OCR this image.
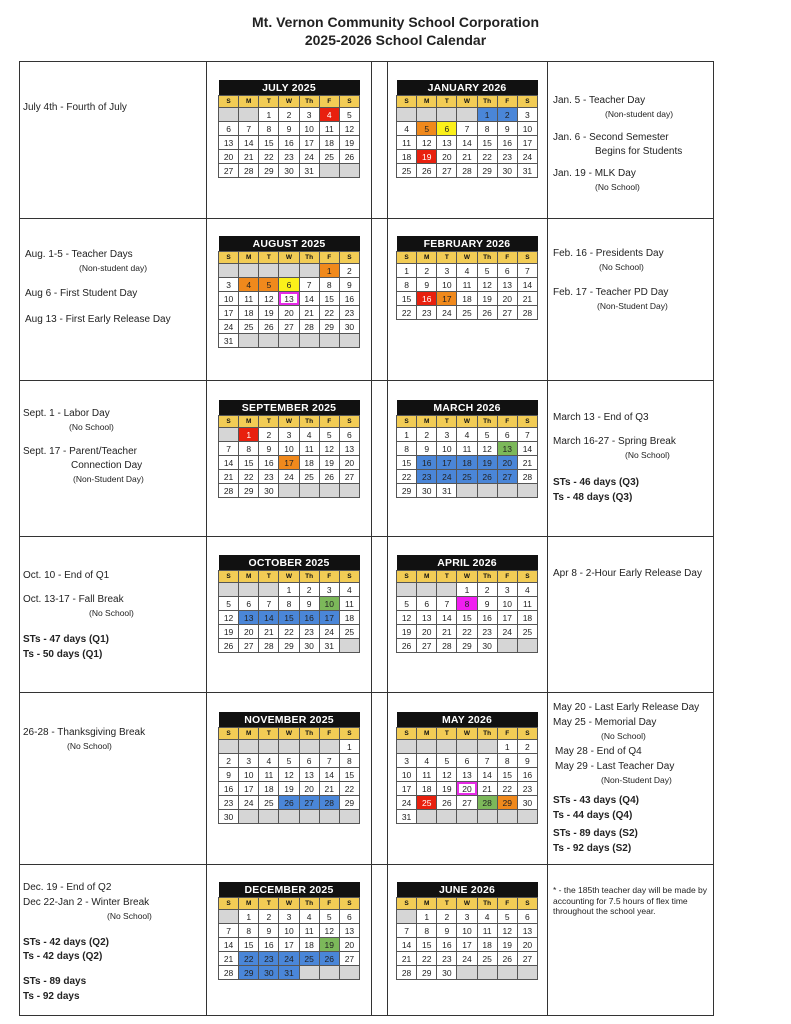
Mt. Vernon Community School Corporation
2025-2026 School Calendar
JULY 2025						
S	M	T	W	Th	F	S
		1	2	3	4	5
6	7	8	9	10	11	12
13	14	15	16	17	18	19
20	21	22	23	24	25	26
27	28	29	30	31		
JANUARY 2026						
S	M	T	W	Th	F	S
				1	2	3
4	5	6	7	8	9	10
11	12	13	14	15	16	17
18	19	20	21	22	23	24
25	26	27	28	29	30	31
AUGUST 2025						
S	M	T	W	Th	F	S
					1	2
3	4	5	6	7	8	9
10	11	12	13	14	15	16
17	18	19	20	21	22	23
24	25	26	27	28	29	30
31						
FEBRUARY 2026						
S	M	T	W	Th	F	S
1	2	3	4	5	6	7
8	9	10	11	12	13	14
15	16	17	18	19	20	21
22	23	24	25	26	27	28
SEPTEMBER 2025						
S	M	T	W	Th	F	S
	1	2	3	4	5	6
7	8	9	10	11	12	13
14	15	16	17	18	19	20
21	22	23	24	25	26	27
28	29	30				
MARCH 2026						
S	M	T	W	Th	F	S
1	2	3	4	5	6	7
8	9	10	11	12	13	14
15	16	17	18	19	20	21
22	23	24	25	26	27	28
29	30	31				
OCTOBER 2025						
S	M	T	W	Th	F	S
			1	2	3	4
5	6	7	8	9	10	11
12	13	14	15	16	17	18
19	20	21	22	23	24	25
26	27	28	29	30	31	
APRIL 2026						
S	M	T	W	Th	F	S
			1	2	3	4
5	6	7	8	9	10	11
12	13	14	15	16	17	18
19	20	21	22	23	24	25
26	27	28	29	30		
NOVEMBER 2025						
S	M	T	W	Th	F	S
						1
2	3	4	5	6	7	8
9	10	11	12	13	14	15
16	17	18	19	20	21	22
23	24	25	26	27	28	29
30						
MAY 2026						
S	M	T	W	Th	F	S
					1	2
3	4	5	6	7	8	9
10	11	12	13	14	15	16
17	18	19	20	21	22	23
24	25	26	27	28	29	30
31						
DECEMBER 2025						
S	M	T	W	Th	F	S
	1	2	3	4	5	6
7	8	9	10	11	12	13
14	15	16	17	18	19	20
21	22	23	24	25	26	27
28	29	30	31			
JUNE 2026						
S	M	T	W	Th	F	S
	1	2	3	4	5	6
7	8	9	10	11	12	13
14	15	16	17	18	19	20
21	22	23	24	25	26	27
28	29	30				
July 4th - Fourth of July
Jan. 5 - Teacher Day
(Non-student day)
Jan. 6 - Second Semester
Begins for Students
Jan. 19 - MLK Day
(No School)
Aug. 1-5 - Teacher Days
(Non-student day)
Aug 6 - First Student Day
Aug 13 - First Early Release Day
Feb. 16 - Presidents Day
(No School)
Feb. 17 - Teacher PD Day
(Non-Student Day)
Sept. 1 - Labor Day
(No School)
Sept. 17 - Parent/Teacher
Connection Day
(Non-Student Day)
March 13 - End of Q3
March 16-27 - Spring Break
(No School)
STs - 46 days (Q3)
Ts - 48 days (Q3)
Oct. 10 - End of Q1
Oct. 13-17 - Fall Break
(No School)
STs - 47 days (Q1)
Ts - 50 days (Q1)
Apr 8 - 2-Hour Early Release Day
26-28 - Thanksgiving Break
(No School)
May 20 - Last Early Release Day
May 25 - Memorial Day
(No School)
May 28 - End of Q4
May 29 - Last Teacher Day
(Non-Student Day)
STs - 43 days (Q4)
Ts - 44 days (Q4)
STs - 89 days (S2)
Ts - 92 days (S2)
Dec. 19 - End of Q2
Dec 22-Jan 2 - Winter Break
(No School)
STs - 42 days (Q2)
Ts - 42 days (Q2)
STs - 89 days
Ts - 92 days
* - the 185th teacher day will be made by accounting for 7.5 hours of flex time throughout the school year.
